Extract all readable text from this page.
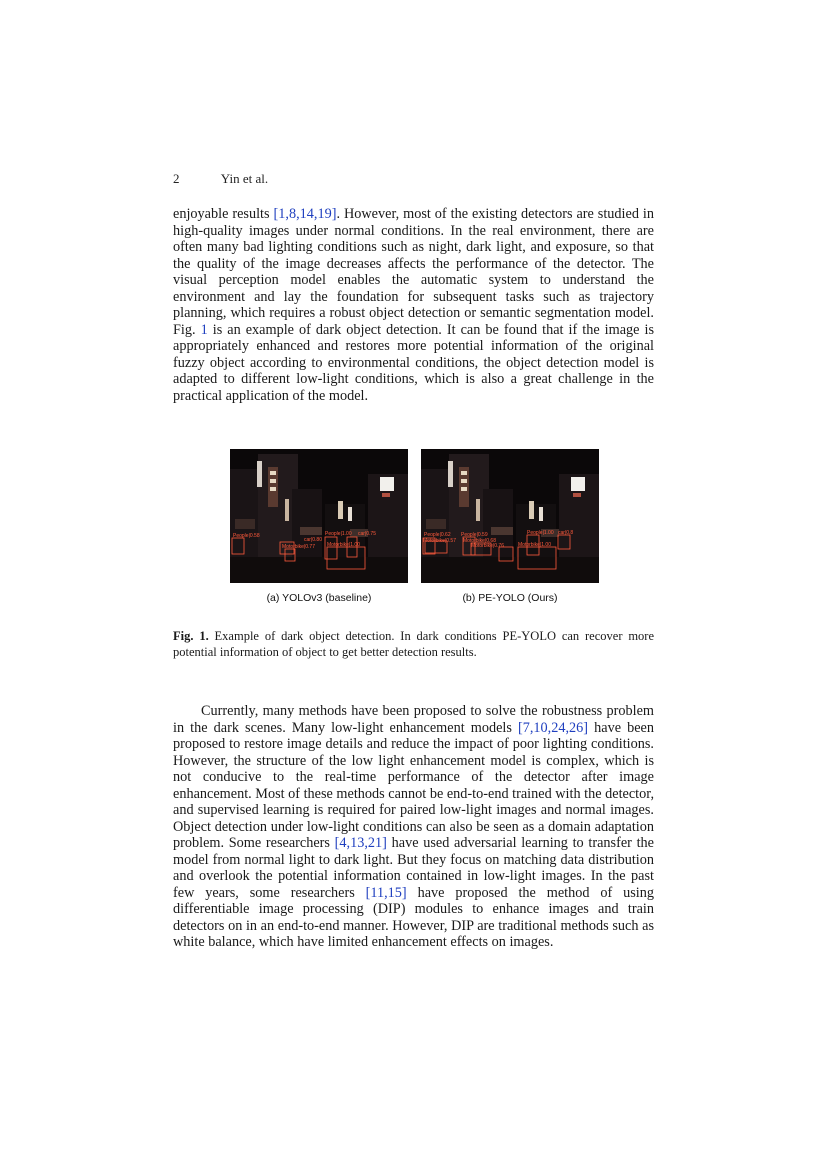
2	Yin et al.

enjoyable results [1,8,14,19]. However, most of the existing detectors are studied in high-quality images under normal conditions. In the real environment, there are often many bad lighting conditions such as night, dark light, and exposure, so that the quality of the image decreases affects the performance of the detector. The visual perception model enables the automatic system to understand the environment and lay the foundation for subsequent tasks such as trajectory planning, which requires a robust object detection or semantic segmentation model. Fig. 1 is an example of dark object detection. It can be found that if the image is appropriately enhanced and restores more potential information of the original fuzzy object according to environmental conditions, the object detection model is adapted to different low-light conditions, which is also a great challenge in the practical application of the model.

People|0.58
car|0.80
People|1.00 car|0.75
Motorbike|0.77 Motorbike|1.00
People|0.62
Motorbike|0.57
People|0.59
Motorbike|0.68
Motorbike|0.76
People|1.00 car|0.8
Motorbike|1.00
(a) YOLOv3 (baseline)	(b) PE-YOLO (Ours)

Fig. 1. Example of dark object detection. In dark conditions PE-YOLO can recover more potential information of object to get better detection results.

Currently, many methods have been proposed to solve the robustness problem in the dark scenes. Many low-light enhancement models [7,10,24,26] have been proposed to restore image details and reduce the impact of poor lighting conditions. However, the structure of the low light enhancement model is complex, which is not conducive to the real-time performance of the detector after image enhancement. Most of these methods cannot be end-to-end trained with the detector, and supervised learning is required for paired low-light images and normal images. Object detection under low-light conditions can also be seen as a domain adaptation problem. Some researchers [4,13,21] have used adversarial learning to transfer the model from normal light to dark light. But they focus on matching data distribution and overlook the potential information contained in low-light images. In the past few years, some researchers [11,15] have proposed the method of using differentiable image processing (DIP) modules to enhance images and train detectors on in an end-to-end manner. However, DIP are traditional methods such as white balance, which have limited enhancement effects on images.
